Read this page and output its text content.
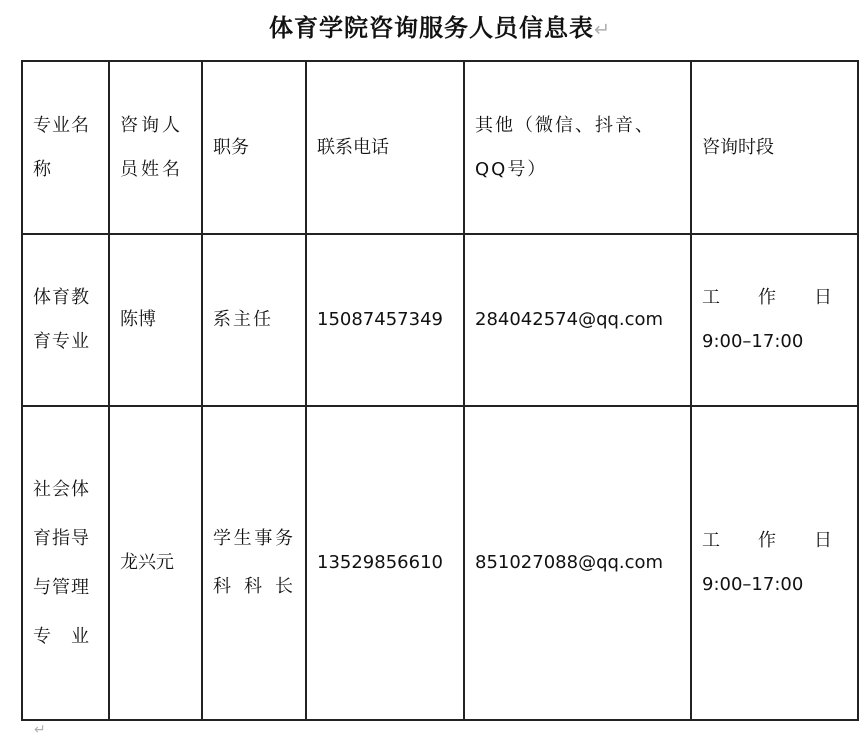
体育学院咨询服务人员信息表↵
专业名称	咨询人员姓名	职务	联系电话	其他（微信、抖音、QQ号）	咨询时段

体育教育专业	陈博	系主任	15087457349	284042574@qq.com	工作日
9:00–17:00

社会体育指导与管理专业	龙兴元	学生事务科科长	13529856610	851027088@qq.com	工作日
9:00–17:00
↵
